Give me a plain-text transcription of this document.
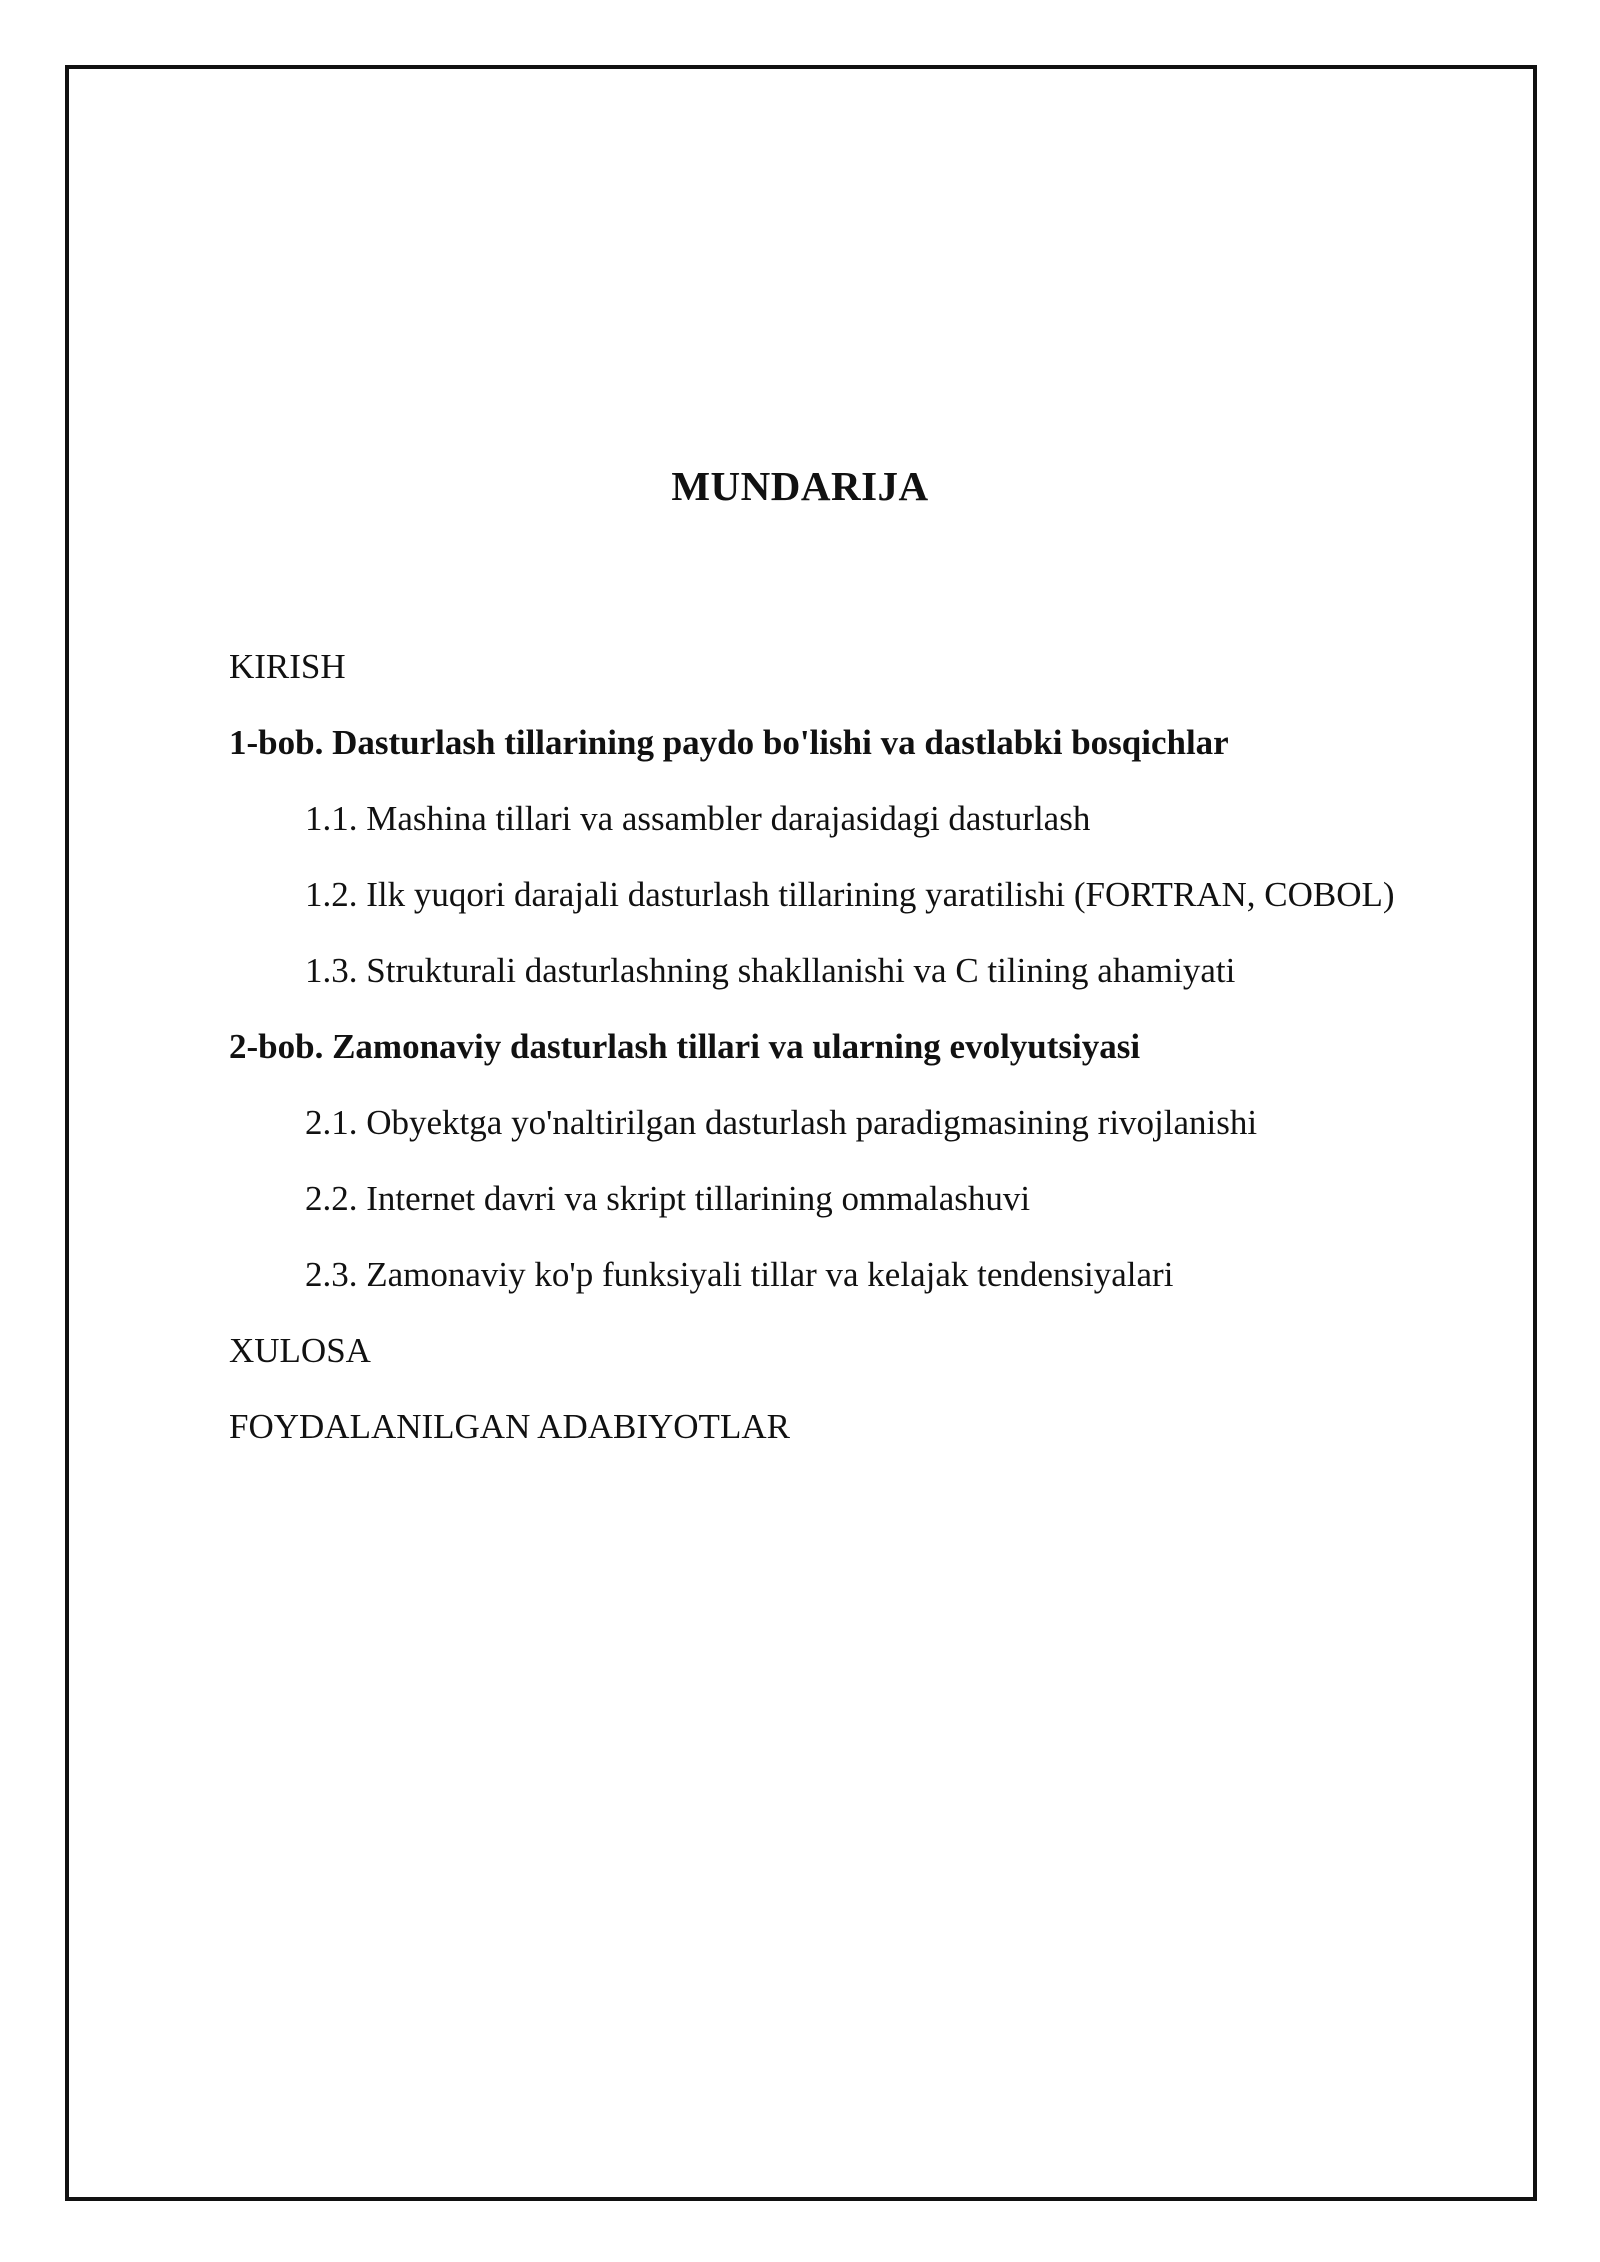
MUNDARIJA
KIRISH
1-bob. Dasturlash tillarining paydo bo'lishi va dastlabki bosqichlar
1.1. Mashina tillari va assambler darajasidagi dasturlash
1.2. Ilk yuqori darajali dasturlash tillarining yaratilishi (FORTRAN, COBOL)
1.3. Strukturali dasturlashning shakllanishi va C tilining ahamiyati
2-bob. Zamonaviy dasturlash tillari va ularning evolyutsiyasi
2.1. Obyektga yo'naltirilgan dasturlash paradigmasining rivojlanishi
2.2. Internet davri va skript tillarining ommalashuvi
2.3. Zamonaviy ko'p funksiyali tillar va kelajak tendensiyalari
XULOSA
FOYDALANILGAN ADABIYOTLAR
